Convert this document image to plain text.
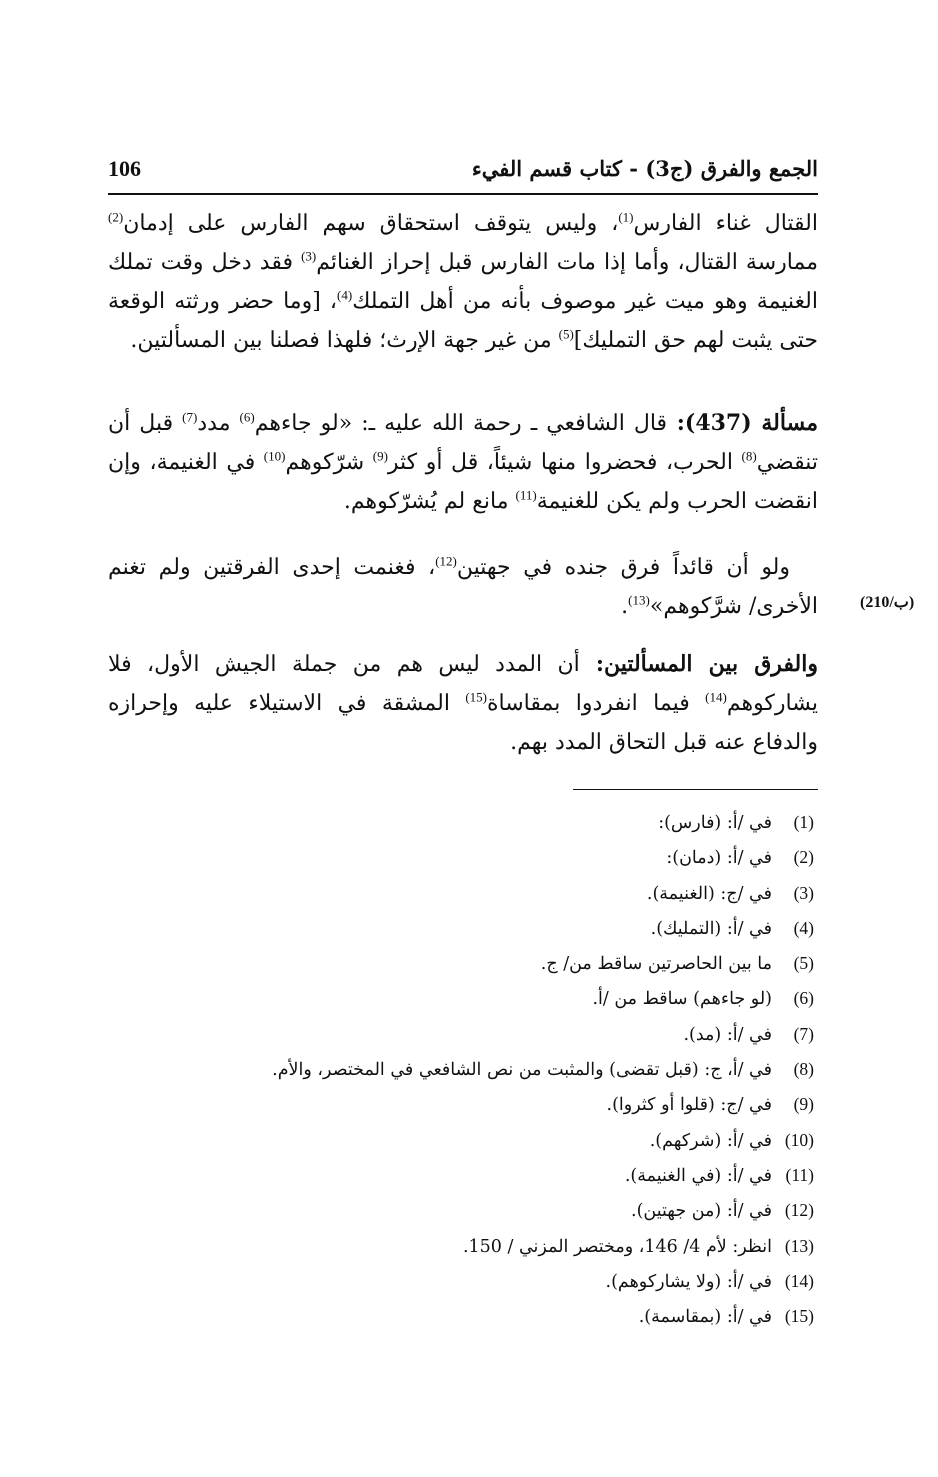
الجمع والفرق (ج3) - كتاب قسم الفيء
106
القتال غناء الفارس$^{(1)}$، وليس يتوقف استحقاق سهم الفارس على إدمان$^{(2)}$ ممارسة القتال، وأما إذا مات الفارس قبل إحراز الغنائم$^{(3)}$ فقد دخل وقت تملك الغنيمة وهو ميت غير موصوف بأنه من أهل التملك$^{(4)}$، [وما حضر ورثته الوقعة حتى يثبت لهم حق التمليك]$^{(5)}$ من غير جهة الإرث؛ فلهذا فصلنا بين المسألتين.
مسألة (437): قال الشافعي ـ رحمة الله عليه ـ: «لو جاءهم$^{(6)}$ مدد$^{(7)}$ قبل أن تنقضي$^{(8)}$ الحرب، فحضروا منها شيئاً، قل أو كثر$^{(9)}$ شرّكوهم$^{(10)}$ في الغنيمة، وإن انقضت الحرب ولم يكن للغنيمة$^{(11)}$ مانع لم يُشرّكوهم.
ولو أن قائداً فرق جنده في جهتين$^{(12)}$، فغنمت إحدى الفرقتين ولم تغنم الأخرى/ شرَّكوهم»$^{(13)}$.	(210/ب)
والفرق بين المسألتين: أن المدد ليس هم من جملة الجيش الأول، فلا يشاركوهم$^{(14)}$ فيما انفردوا بمقاساة$^{(15)}$ المشقة في الاستيلاء عليه وإحرازه والدفاع عنه قبل التحاق المدد بهم.
(1)في /أ: (فارس):
(2)في /أ: (دمان):
(3)في /ج: (الغنيمة).
(4)في /أ: (التمليك).
(5)ما بين الحاصرتين ساقط من/ ج.
(6)(لو جاءهم) ساقط من /أ.
(7)في /أ: (مد).
(8)في /أ، ج: (قبل تقضى) والمثبت من نص الشافعي في المختصر، والأم.
(9)في /ج: (قلوا أو كثروا).
(10)في /أ: (شركهم).
(11)في /أ: (في الغنيمة).
(12)في /أ: (من جهتين).
(13)انظر: لأم 4/ 146، ومختصر المزني / 150.
(14)في /أ: (ولا يشاركوهم).
(15)في /أ: (بمقاسمة).
